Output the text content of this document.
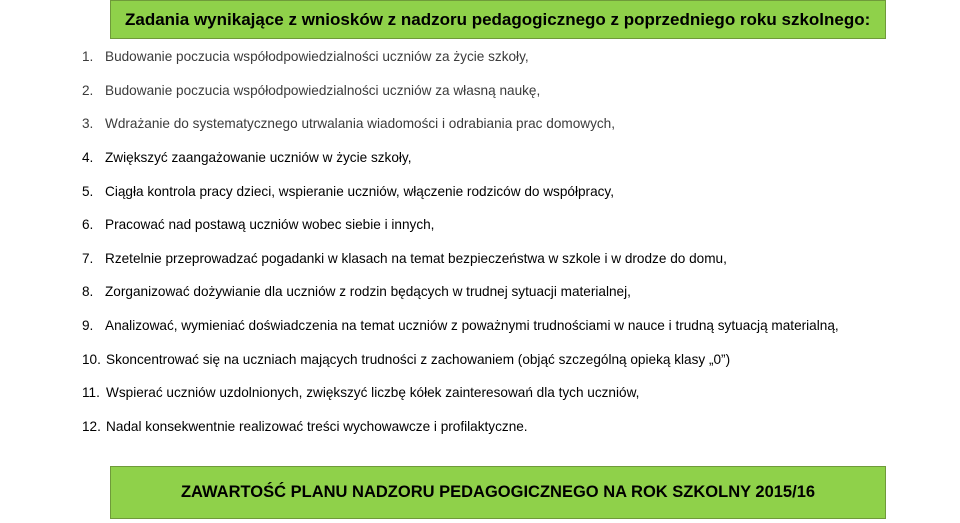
Zadania wynikające z wniosków z nadzoru pedagogicznego z poprzedniego roku szkolnego:
1. Budowanie poczucia współodpowiedzialności uczniów za życie szkoły,
2. Budowanie poczucia współodpowiedzialności uczniów za własną naukę,
3. Wdrażanie do systematycznego utrwalania wiadomości i odrabiania prac domowych,
4. Zwiększyć zaangażowanie uczniów w życie szkoły,
5. Ciągła kontrola pracy dzieci, wspieranie uczniów, włączenie rodziców do współpracy,
6. Pracować nad postawą uczniów wobec siebie i innych,
7. Rzetelnie przeprowadzać pogadanki w klasach na temat bezpieczeństwa w szkole i w drodze do domu,
8. Zorganizować dożywianie dla uczniów z rodzin będących w trudnej sytuacji materialnej,
9. Analizować, wymieniać doświadczenia na temat uczniów z poważnymi trudnościami w nauce i trudną sytuacją materialną,
10. Skoncentrować się na uczniach mających trudności z zachowaniem (objąć szczególną opieką klasy „0”)
11. Wspierać uczniów uzdolnionych, zwiększyć liczbę kółek zainteresowań dla tych uczniów,
12. Nadal konsekwentnie realizować treści wychowawcze i profilaktyczne.
ZAWARTOŚĆ PLANU NADZORU PEDAGOGICZNEGO NA ROK SZKOLNY 2015/16
